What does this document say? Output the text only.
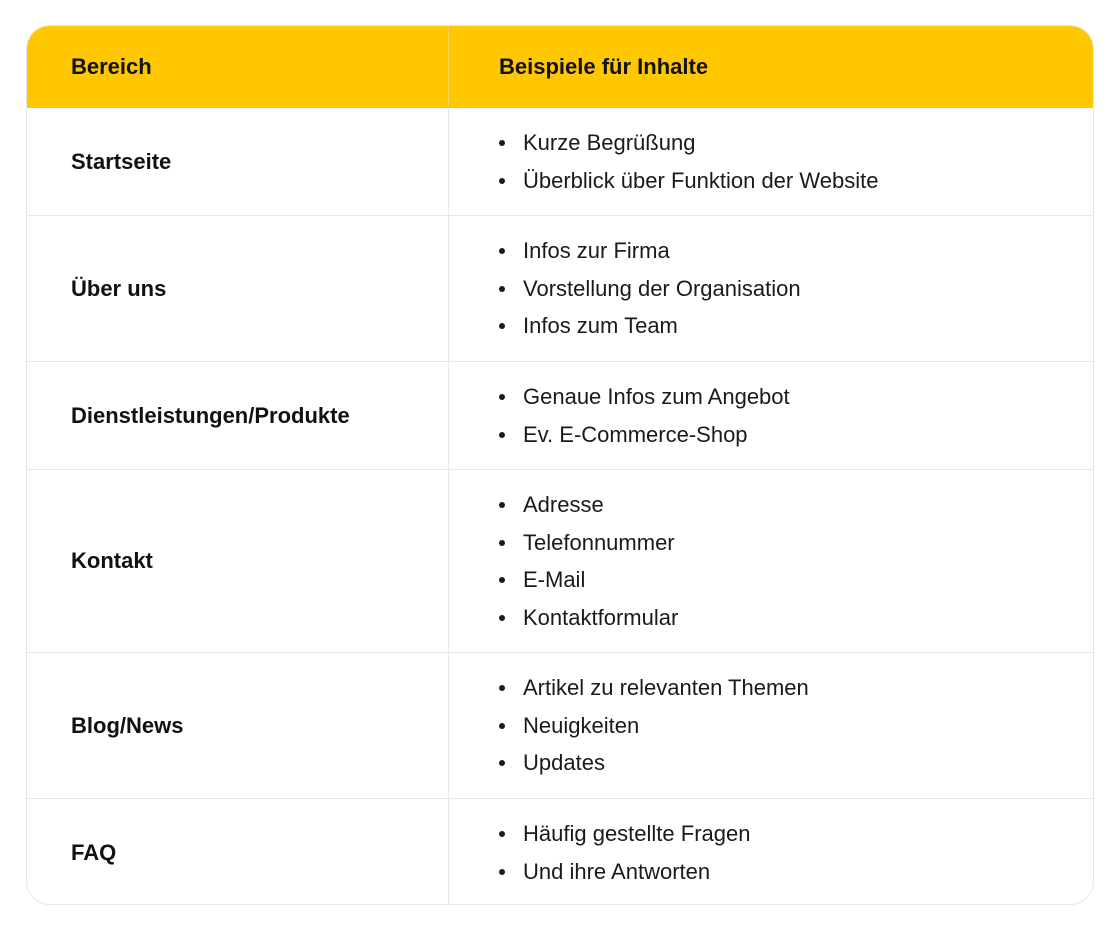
Bereich	Beispiele für Inhalte
Startseite
Kurze Begrüßung
Überblick über Funktion der Website
Über uns
Infos zur Firma
Vorstellung der Organisation
Infos zum Team
Dienstleistungen/Produkte
Genaue Infos zum Angebot
Ev. E-Commerce-Shop
Kontakt
Adresse
Telefonnummer
E-Mail
Kontaktformular
Blog/News
Artikel zu relevanten Themen
Neuigkeiten
Updates
FAQ
Häufig gestellte Fragen
Und ihre Antworten
